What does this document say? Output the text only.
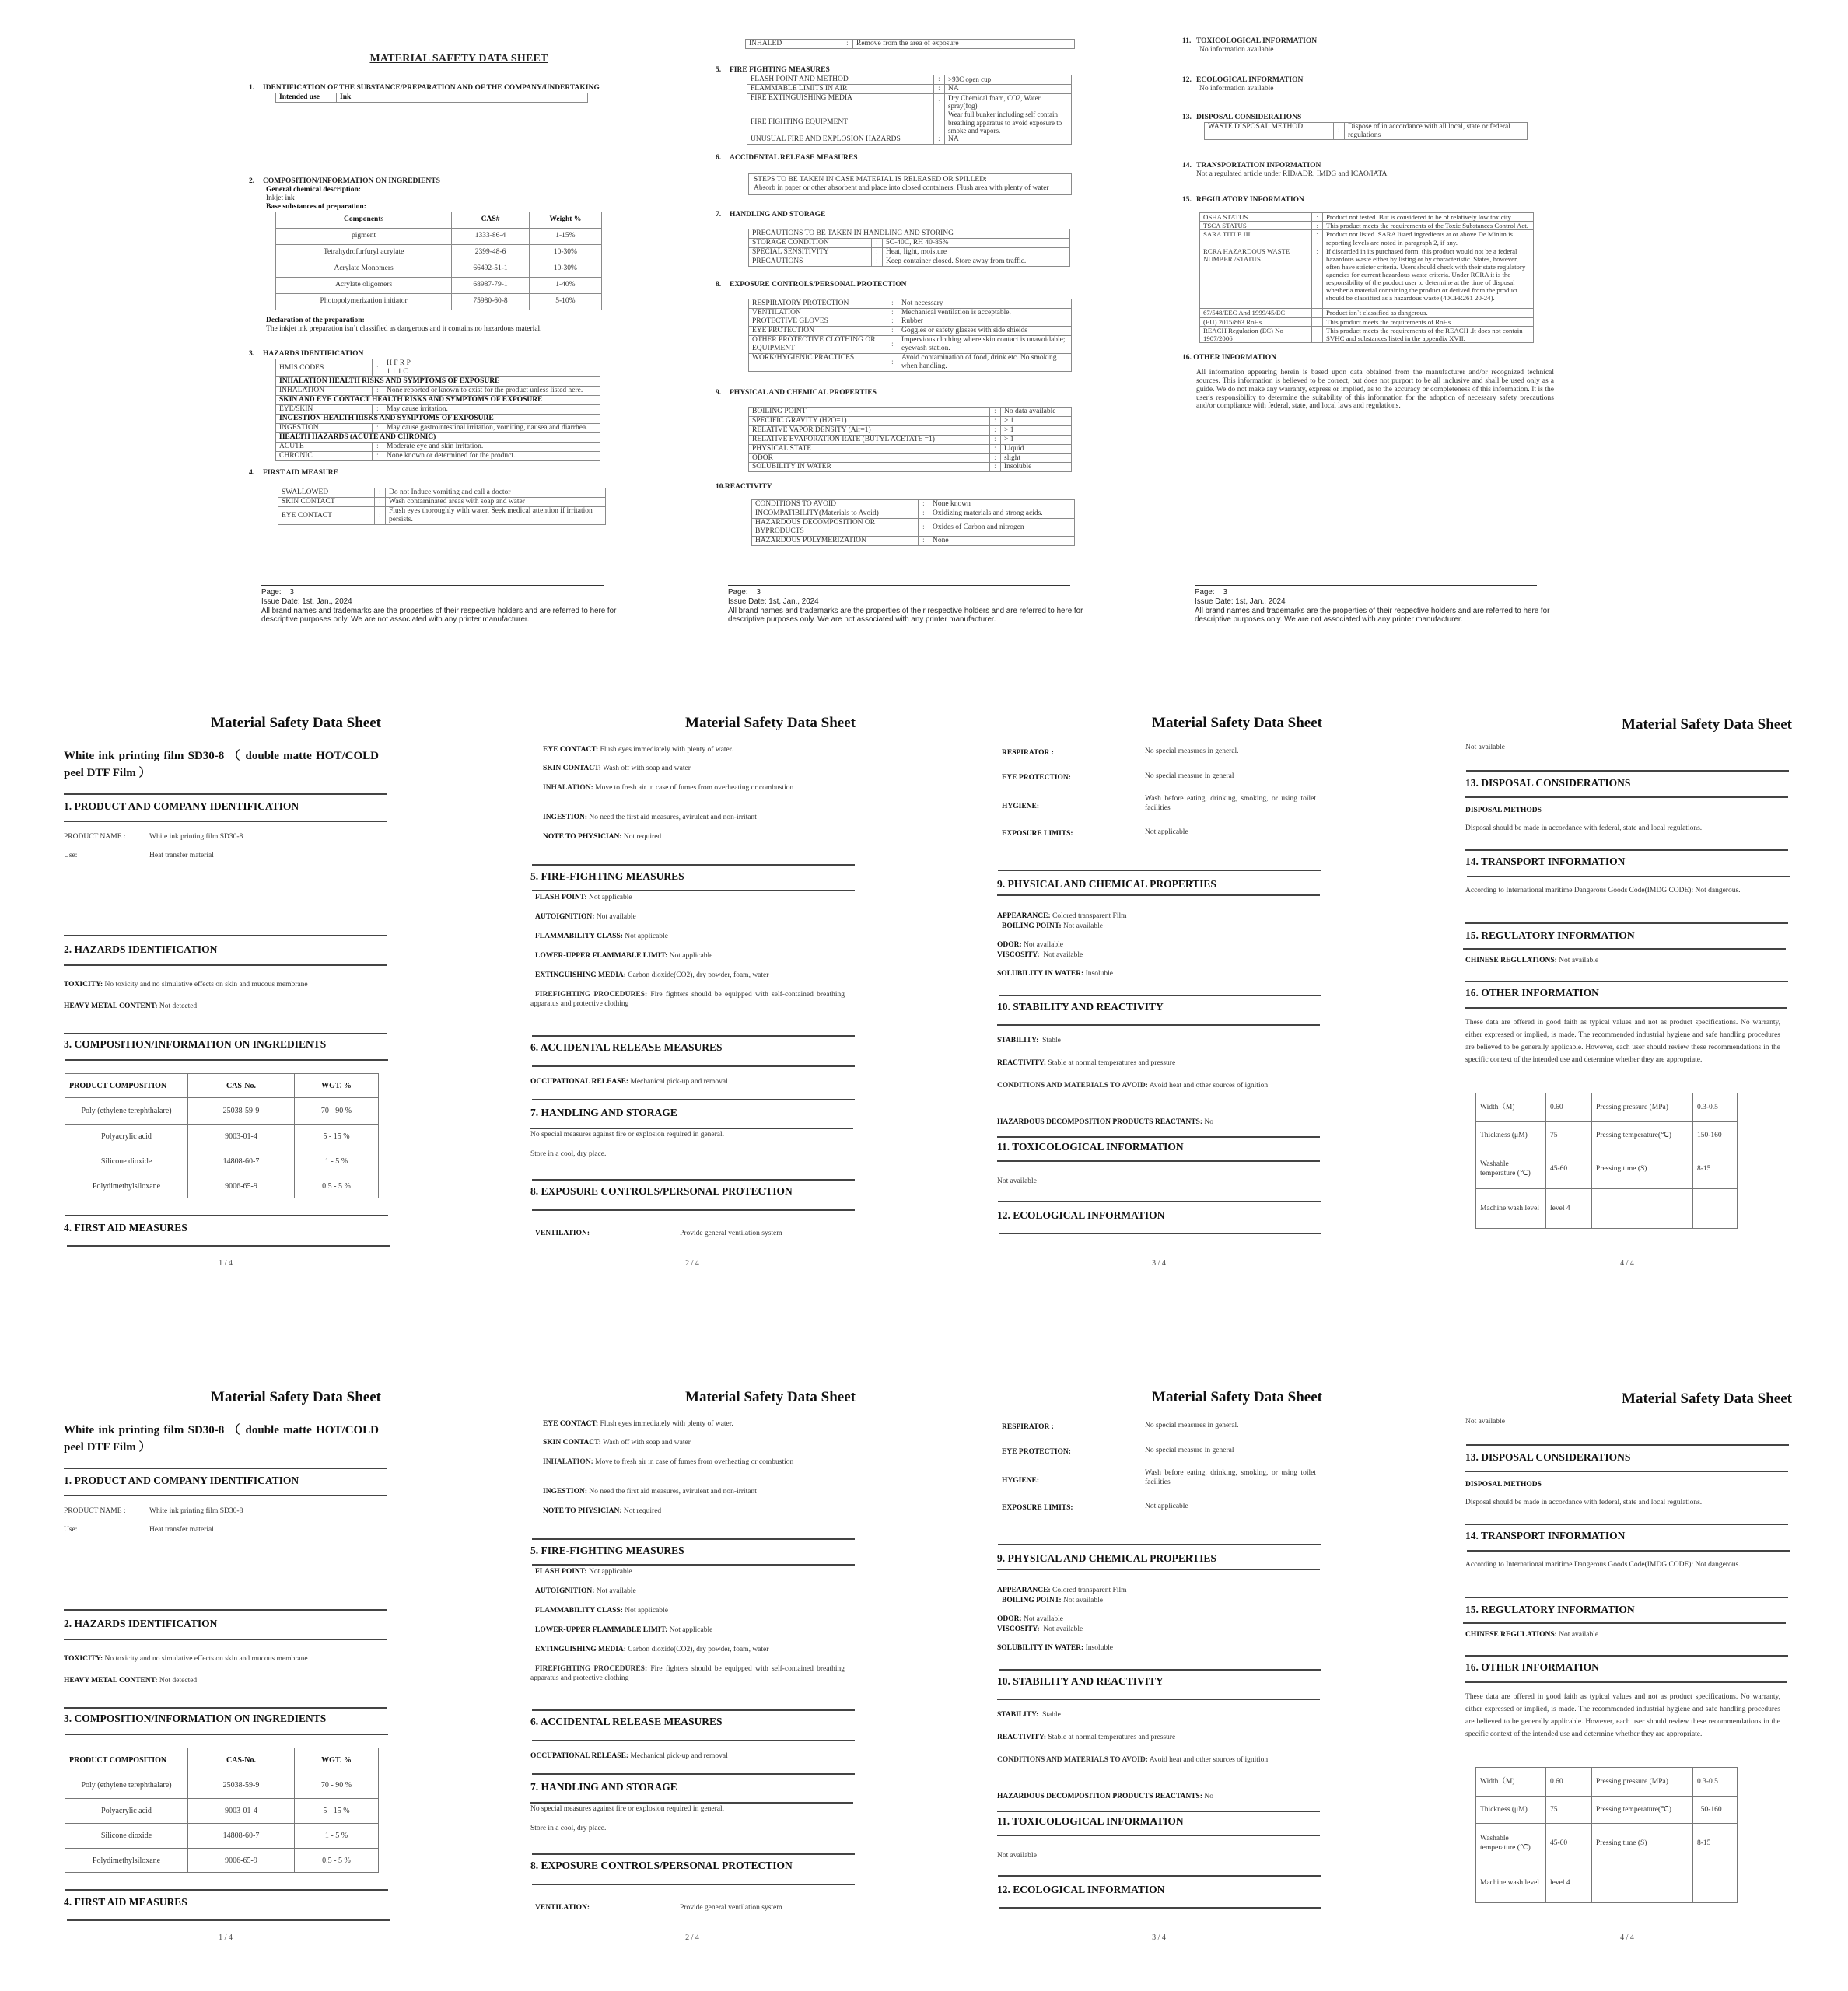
MATERIAL SAFETY DATA SHEET
1. IDENTIFICATION OF THE SUBSTANCE/PREPARATION AND OF THE COMPANY/UNDERTAKING
Intended use	Ink
2. COMPOSITION/INFORMATION ON INGREDIENTS
General chemical description:
Inkjet ink
Base substances of preparation:
Components	CAS#	Weight %
pigment	1333-86-4	1-15%
Tetrahydrofurfuryl acrylate	2399-48-6	10-30%
Acrylate Monomers	66492-51-1	10-30%
Acrylate oligomers	68987-79-1	1-40%
Photopolymerization initiator	75980-60-8	5-10%
Declaration of the preparation:
The inkjet ink preparation isn`t classified as dangerous and it contains no hazardous material.
3. HAZARDS IDENTIFICATION
HMIS CODES	:	H F R P
1 1 1 C

INHALATION HEALTH RISKS AND SYMPTOMS OF EXPOSURE		
INHALATION	:	None reported or known to exist for the product unless listed here.
SKIN AND EYE CONTACT HEALTH RISKS AND SYMPTOMS OF EXPOSURE		
EYE/SKIN	:	May cause irritation.
INGESTION HEALTH RISKS AND SYMPTOMS OF EXPOSURE		
INGESTION	:	May cause gastrointestinal irritation, vomiting, nausea and diarrhea.
HEALTH HAZARDS (ACUTE AND CHRONIC)		
ACUTE	:	Moderate eye and skin irritation.
CHRONIC	:	None known or determined for the product.
4. FIRST AID MEASURE
SWALLOWED	:	Do not Induce vomiting and call a doctor
SKIN CONTACT	:	Wash contaminated areas with soap and water
EYE CONTACT	:	Flush eyes thoroughly with water. Seek medical attention if irritation persists.
Page: 3
Issue Date: 1st, Jan., 2024
All brand names and trademarks are the properties of their respective holders and are referred to here for
descriptive purposes only. We are not associated with any printer manufacturer.
INHALED	:	Remove from the area of exposure
5. FIRE FIGHTING MEASURES
FLASH POINT AND METHOD	:	>93C open cup
FLAMMABLE LIMITS IN AIR	:	NA
FIRE EXTINGUISHING MEDIA	:	Dry Chemical foam, CO2, Water spray(fog)
FIRE FIGHTING EQUIPMENT		Wear full bunker including self contain breathing apparatus to avoid exposure to smoke and vapors.
UNUSUAL FIRE AND EXPLOSION HAZARDS	:	NA
6. ACCIDENTAL RELEASE MEASURES
STEPS TO BE TAKEN IN CASE MATERIAL IS RELEASED OR SPILLED:
Absorb in paper or other absorbent and place into closed containers. Flush area with plenty of water
7. HANDLING AND STORAGE
PRECAUTIONS TO BE TAKEN IN HANDLING AND STORING		
STORAGE CONDITION	:	5C-40C, RH 40-85%
SPECIAL SENSITIVITY	:	Heat, light, moisture
PRECAUTIONS	:	Keep container closed. Store away from traffic.
8. EXPOSURE CONTROLS/PERSONAL PROTECTION
RESPIRATORY PROTECTION	:	Not necessary
VENTILATION	:	Mechanical ventilation is acceptable.
PROTECTIVE GLOVES	:	Rubber
EYE PROTECTION	:	Goggles or safety glasses with side shields
OTHER PROTECTIVE CLOTHING OR EQUIPMENT	:	Impervious clothing where skin contact is unavoidable; eyewash station.
WORK/HYGIENIC PRACTICES	:	Avoid contamination of food, drink etc. No smoking when handling.
9. PHYSICAL AND CHEMICAL PROPERTIES
BOILING POINT	:	No data available
SPECIFIC GRAVITY (H2O=1)	:	> 1
RELATIVE VAPOR DENSITY (Air=1)	:	> 1
RELATIVE EVAPORATION RATE (BUTYL ACETATE =1)	:	> 1
PHYSICAL STATE	:	Liquid
ODOR	:	slight
SOLUBILITY IN WATER	:	Insoluble
10.REACTIVITY
CONDITIONS TO AVOID	:	None known
INCOMPATIBILITY(Materials to Avoid)	:	Oxidizing materials and strong acids.
HAZARDOUS DECOMPOSITION OR BYPRODUCTS	:	Oxides of Carbon and nitrogen
HAZARDOUS POLYMERIZATION	:	None
Page: 3
Issue Date: 1st, Jan., 2024
All brand names and trademarks are the properties of their respective holders and are referred to here for
descriptive purposes only. We are not associated with any printer manufacturer.
11. TOXICOLOGICAL INFORMATION
No information available
12. ECOLOGICAL INFORMATION
No information available
13. DISPOSAL CONSIDERATIONS
WASTE DISPOSAL METHOD	:	Dispose of in accordance with all local, state or federal regulations
14. TRANSPORTATION INFORMATION
Not a regulated article under RID/ADR, IMDG and ICAO/IATA
15. REGULATORY INFORMATION
OSHA STATUS	:	Product not tested. But is considered to be of relatively low toxicity.
TSCA STATUS	:	This product meets the requirements of the Toxic Substances Control Act.
SARA TITLE III	:	Product not listed. SARA listed ingredients at or above De Minim is reporting levels are noted in paragraph 2, if any.
RCRA HAZARDOUS WASTE NUMBER /STATUS	:	If discarded in its purchased form, this product would not be a federal hazardous waste either by listing or by characteristic. States, however, often have stricter criteria. Users should check with their state regulatory agencies for current hazardous waste criteria. Under RCRA it is the responsibility of the product user to determine at the time of disposal whether a material containing the product or derived from the product should be classified as a hazardous waste (40CFR261 20-24).
67/548/EEC And 1999/45/EC		Product isn`t classified as dangerous.
(EU) 2015/863 RoHs		This product meets the requirements of RoHs
REACH Regulation (EC) No 1907/2006		This product meets the requirements of the REACH .It does not contain SVHC and substances listed in the appendix XVII.
16. OTHER INFORMATION
All information appearing herein is based upon data obtained from the manufacturer and/or recognized technical sources. This information is believed to be correct, but does not purport to be all inclusive and shall be used only as a guide. We do not make any warranty, express or implied, as to the accuracy or completeness of this information. It is the user's responsibility to determine the suitability of this information for the adoption of necessary safety precautions and/or compliance with federal, state, and local laws and regulations.
Page: 3
Issue Date: 1st, Jan., 2024
All brand names and trademarks are the properties of their respective holders and are referred to here for
descriptive purposes only. We are not associated with any printer manufacturer.
Material Safety Data Sheet
White ink printing film SD30-8 （ double matte HOT/COLD peel DTF Film ）
1. PRODUCT AND COMPANY IDENTIFICATION
PRODUCT NAME :	White ink printing film SD30-8
Use:	Heat transfer material
2. HAZARDS IDENTIFICATION
TOXICITY: No toxicity and no simulative effects on skin and mucous membrane
HEAVY METAL CONTENT: Not detected
3. COMPOSITION/INFORMATION ON INGREDIENTS
PRODUCT COMPOSITION	CAS-No.	WGT. %
Poly (ethylene terephthalare)	25038-59-9	70 - 90 %
Polyacrylic acid	9003-01-4	5 - 15 %
Silicone dioxide	14808-60-7	1 - 5 %
Polydimethylsiloxane	9006-65-9	0.5 - 5 %
4. FIRST AID MEASURES
1 / 4
Material Safety Data Sheet
EYE CONTACT: Flush eyes immediately with plenty of water.
SKIN CONTACT: Wash off with soap and water
INHALATION: Move to fresh air in case of fumes from overheating or combustion
INGESTION: No need the first aid measures, avirulent and non-irritant
NOTE TO PHYSICIAN: Not required
5. FIRE-FIGHTING MEASURES
FLASH POINT: Not applicable
AUTOIGNITION: Not available
FLAMMABILITY CLASS: Not applicable
LOWER-UPPER FLAMMABLE LIMIT: Not applicable
EXTINGUISHING MEDIA: Carbon dioxide(CO2), dry powder, foam, water
FIREFIGHTING PROCEDURES: Fire fighters should be equipped with self-contained breathing apparatus and protective clothing
6. ACCIDENTAL RELEASE MEASURES
OCCUPATIONAL RELEASE: Mechanical pick-up and removal
7. HANDLING AND STORAGE
No special measures against fire or explosion required in general.
Store in a cool, dry place.
8. EXPOSURE CONTROLS/PERSONAL PROTECTION
VENTILATION:	Provide general ventilation system
2 / 4
Material Safety Data Sheet
RESPIRATOR :	No special measures in general.
EYE PROTECTION:	No special measure in general
HYGIENE:
Wash before eating, drinking, smoking, or using toilet facilities
EXPOSURE LIMITS:	Not applicable
9. PHYSICAL AND CHEMICAL PROPERTIES
APPEARANCE: Colored transparent Film
BOILING POINT: Not available
ODOR: Not available
VISCOSITY: Not available
SOLUBILITY IN WATER: Insoluble
10. STABILITY AND REACTIVITY
STABILITY: Stable
REACTIVITY: Stable at normal temperatures and pressure
CONDITIONS AND MATERIALS TO AVOID: Avoid heat and other sources of ignition
HAZARDOUS DECOMPOSITION PRODUCTS REACTANTS: No
11. TOXICOLOGICAL INFORMATION
Not available
12. ECOLOGICAL INFORMATION
3 / 4
Material Safety Data Sheet
Not available
13. DISPOSAL CONSIDERATIONS
DISPOSAL METHODS
Disposal should be made in accordance with federal, state and local regulations.
14. TRANSPORT INFORMATION
According to International maritime Dangerous Goods Code(IMDG CODE): Not dangerous.
15. REGULATORY INFORMATION
CHINESE REGULATIONS: Not available
16. OTHER INFORMATION
These data are offered in good faith as typical values and not as product specifications. No warranty, either expressed or implied, is made. The recommended industrial hygiene and safe handling procedures are believed to be generally applicable. However, each user should review these recommendations in the specific context of the intended use and determine whether they are appropriate.
Width（M)	0.60	Pressing pressure (MPa)	0.3-0.5
Thickness (μM)	75	Pressing temperature(℃)	150-160
Washable temperature (℃)	45-60	Pressing time (S)	8-15
Machine wash level	level 4		
4 / 4
Material Safety Data Sheet
White ink printing film SD30-8 （ double matte HOT/COLD peel DTF Film ）
1. PRODUCT AND COMPANY IDENTIFICATION
PRODUCT NAME :	White ink printing film SD30-8
Use:	Heat transfer material
2. HAZARDS IDENTIFICATION
TOXICITY: No toxicity and no simulative effects on skin and mucous membrane
HEAVY METAL CONTENT: Not detected
3. COMPOSITION/INFORMATION ON INGREDIENTS
PRODUCT COMPOSITION	CAS-No.	WGT. %
Poly (ethylene terephthalare)	25038-59-9	70 - 90 %
Polyacrylic acid	9003-01-4	5 - 15 %
Silicone dioxide	14808-60-7	1 - 5 %
Polydimethylsiloxane	9006-65-9	0.5 - 5 %
4. FIRST AID MEASURES
1 / 4
Material Safety Data Sheet
EYE CONTACT: Flush eyes immediately with plenty of water.
SKIN CONTACT: Wash off with soap and water
INHALATION: Move to fresh air in case of fumes from overheating or combustion
INGESTION: No need the first aid measures, avirulent and non-irritant
NOTE TO PHYSICIAN: Not required
5. FIRE-FIGHTING MEASURES
FLASH POINT: Not applicable
AUTOIGNITION: Not available
FLAMMABILITY CLASS: Not applicable
LOWER-UPPER FLAMMABLE LIMIT: Not applicable
EXTINGUISHING MEDIA: Carbon dioxide(CO2), dry powder, foam, water
FIREFIGHTING PROCEDURES: Fire fighters should be equipped with self-contained breathing apparatus and protective clothing
6. ACCIDENTAL RELEASE MEASURES
OCCUPATIONAL RELEASE: Mechanical pick-up and removal
7. HANDLING AND STORAGE
No special measures against fire or explosion required in general.
Store in a cool, dry place.
8. EXPOSURE CONTROLS/PERSONAL PROTECTION
VENTILATION:	Provide general ventilation system
2 / 4
Material Safety Data Sheet
RESPIRATOR :	No special measures in general.
EYE PROTECTION:	No special measure in general
HYGIENE:
Wash before eating, drinking, smoking, or using toilet facilities
EXPOSURE LIMITS:	Not applicable
9. PHYSICAL AND CHEMICAL PROPERTIES
APPEARANCE: Colored transparent Film
BOILING POINT: Not available
ODOR: Not available
VISCOSITY: Not available
SOLUBILITY IN WATER: Insoluble
10. STABILITY AND REACTIVITY
STABILITY: Stable
REACTIVITY: Stable at normal temperatures and pressure
CONDITIONS AND MATERIALS TO AVOID: Avoid heat and other sources of ignition
HAZARDOUS DECOMPOSITION PRODUCTS REACTANTS: No
11. TOXICOLOGICAL INFORMATION
Not available
12. ECOLOGICAL INFORMATION
3 / 4
Material Safety Data Sheet
Not available
13. DISPOSAL CONSIDERATIONS
DISPOSAL METHODS
Disposal should be made in accordance with federal, state and local regulations.
14. TRANSPORT INFORMATION
According to International maritime Dangerous Goods Code(IMDG CODE): Not dangerous.
15. REGULATORY INFORMATION
CHINESE REGULATIONS: Not available
16. OTHER INFORMATION
These data are offered in good faith as typical values and not as product specifications. No warranty, either expressed or implied, is made. The recommended industrial hygiene and safe handling procedures are believed to be generally applicable. However, each user should review these recommendations in the specific context of the intended use and determine whether they are appropriate.
Width（M)	0.60	Pressing pressure (MPa)	0.3-0.5
Thickness (μM)	75	Pressing temperature(℃)	150-160
Washable temperature (℃)	45-60	Pressing time (S)	8-15
Machine wash level	level 4		
4 / 4
